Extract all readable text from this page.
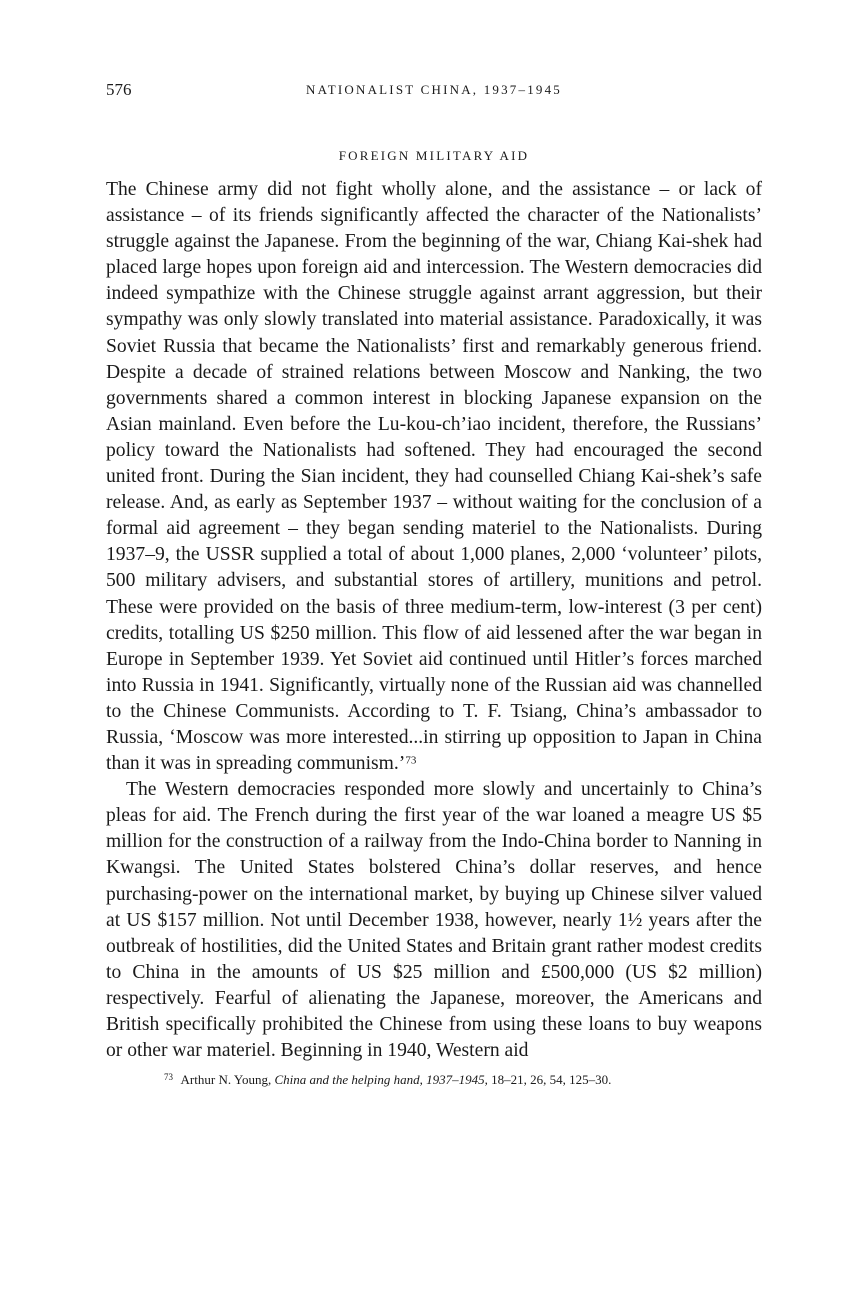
576	NATIONALIST CHINA, 1937–1945
FOREIGN MILITARY AID

The Chinese army did not fight wholly alone, and the assistance – or lack of assistance – of its friends significantly affected the character of the Nationalists’ struggle against the Japanese. From the beginning of the war, Chiang Kai-shek had placed large hopes upon foreign aid and intercession. The Western democracies did indeed sympathize with the Chinese struggle against arrant aggression, but their sympathy was only slowly translated into material assistance. Paradoxically, it was Soviet Russia that became the Nationalists’ first and remarkably generous friend. Despite a decade of strained relations between Moscow and Nanking, the two governments shared a common interest in blocking Japanese expansion on the Asian mainland. Even before the Lu-kou-ch’iao incident, therefore, the Russians’ policy toward the Nationalists had softened. They had encouraged the second united front. During the Sian incident, they had counselled Chiang Kai-shek’s safe release. And, as early as September 1937 – without waiting for the conclusion of a formal aid agreement – they began sending materiel to the Nationalists. During 1937–9, the USSR supplied a total of about 1,000 planes, 2,000 ‘volunteer’ pilots, 500 military advisers, and substantial stores of artillery, munitions and petrol. These were provided on the basis of three medium-term, low-interest (3 per cent) credits, totalling US $250 million. This flow of aid lessened after the war began in Europe in September 1939. Yet Soviet aid continued until Hitler’s forces marched into Russia in 1941. Significantly, virtually none of the Russian aid was channelled to the Chinese Communists. According to T. F. Tsiang, China’s ambassador to Russia, ‘Moscow was more interested...in stirring up opposition to Japan in China than it was in spreading communism.’$^{73}$

The Western democracies responded more slowly and uncertainly to China’s pleas for aid. The French during the first year of the war loaned a meagre US $5 million for the construction of a railway from the Indo-China border to Nanning in Kwangsi. The United States bolstered China’s dollar reserves, and hence purchasing-power on the international market, by buying up Chinese silver valued at US $157 million. Not until December 1938, however, nearly 1½ years after the outbreak of hostilities, did the United States and Britain grant rather modest credits to China in the amounts of US $25 million and £500,000 (US $2 million) respectively. Fearful of alienating the Japanese, moreover, the Americans and British specifically prohibited the Chinese from using these loans to buy weapons or other war materiel. Beginning in 1940, Western aid

$^{73}$ Arthur N. Young, China and the helping hand, 1937–1945, 18–21, 26, 54, 125–30.
